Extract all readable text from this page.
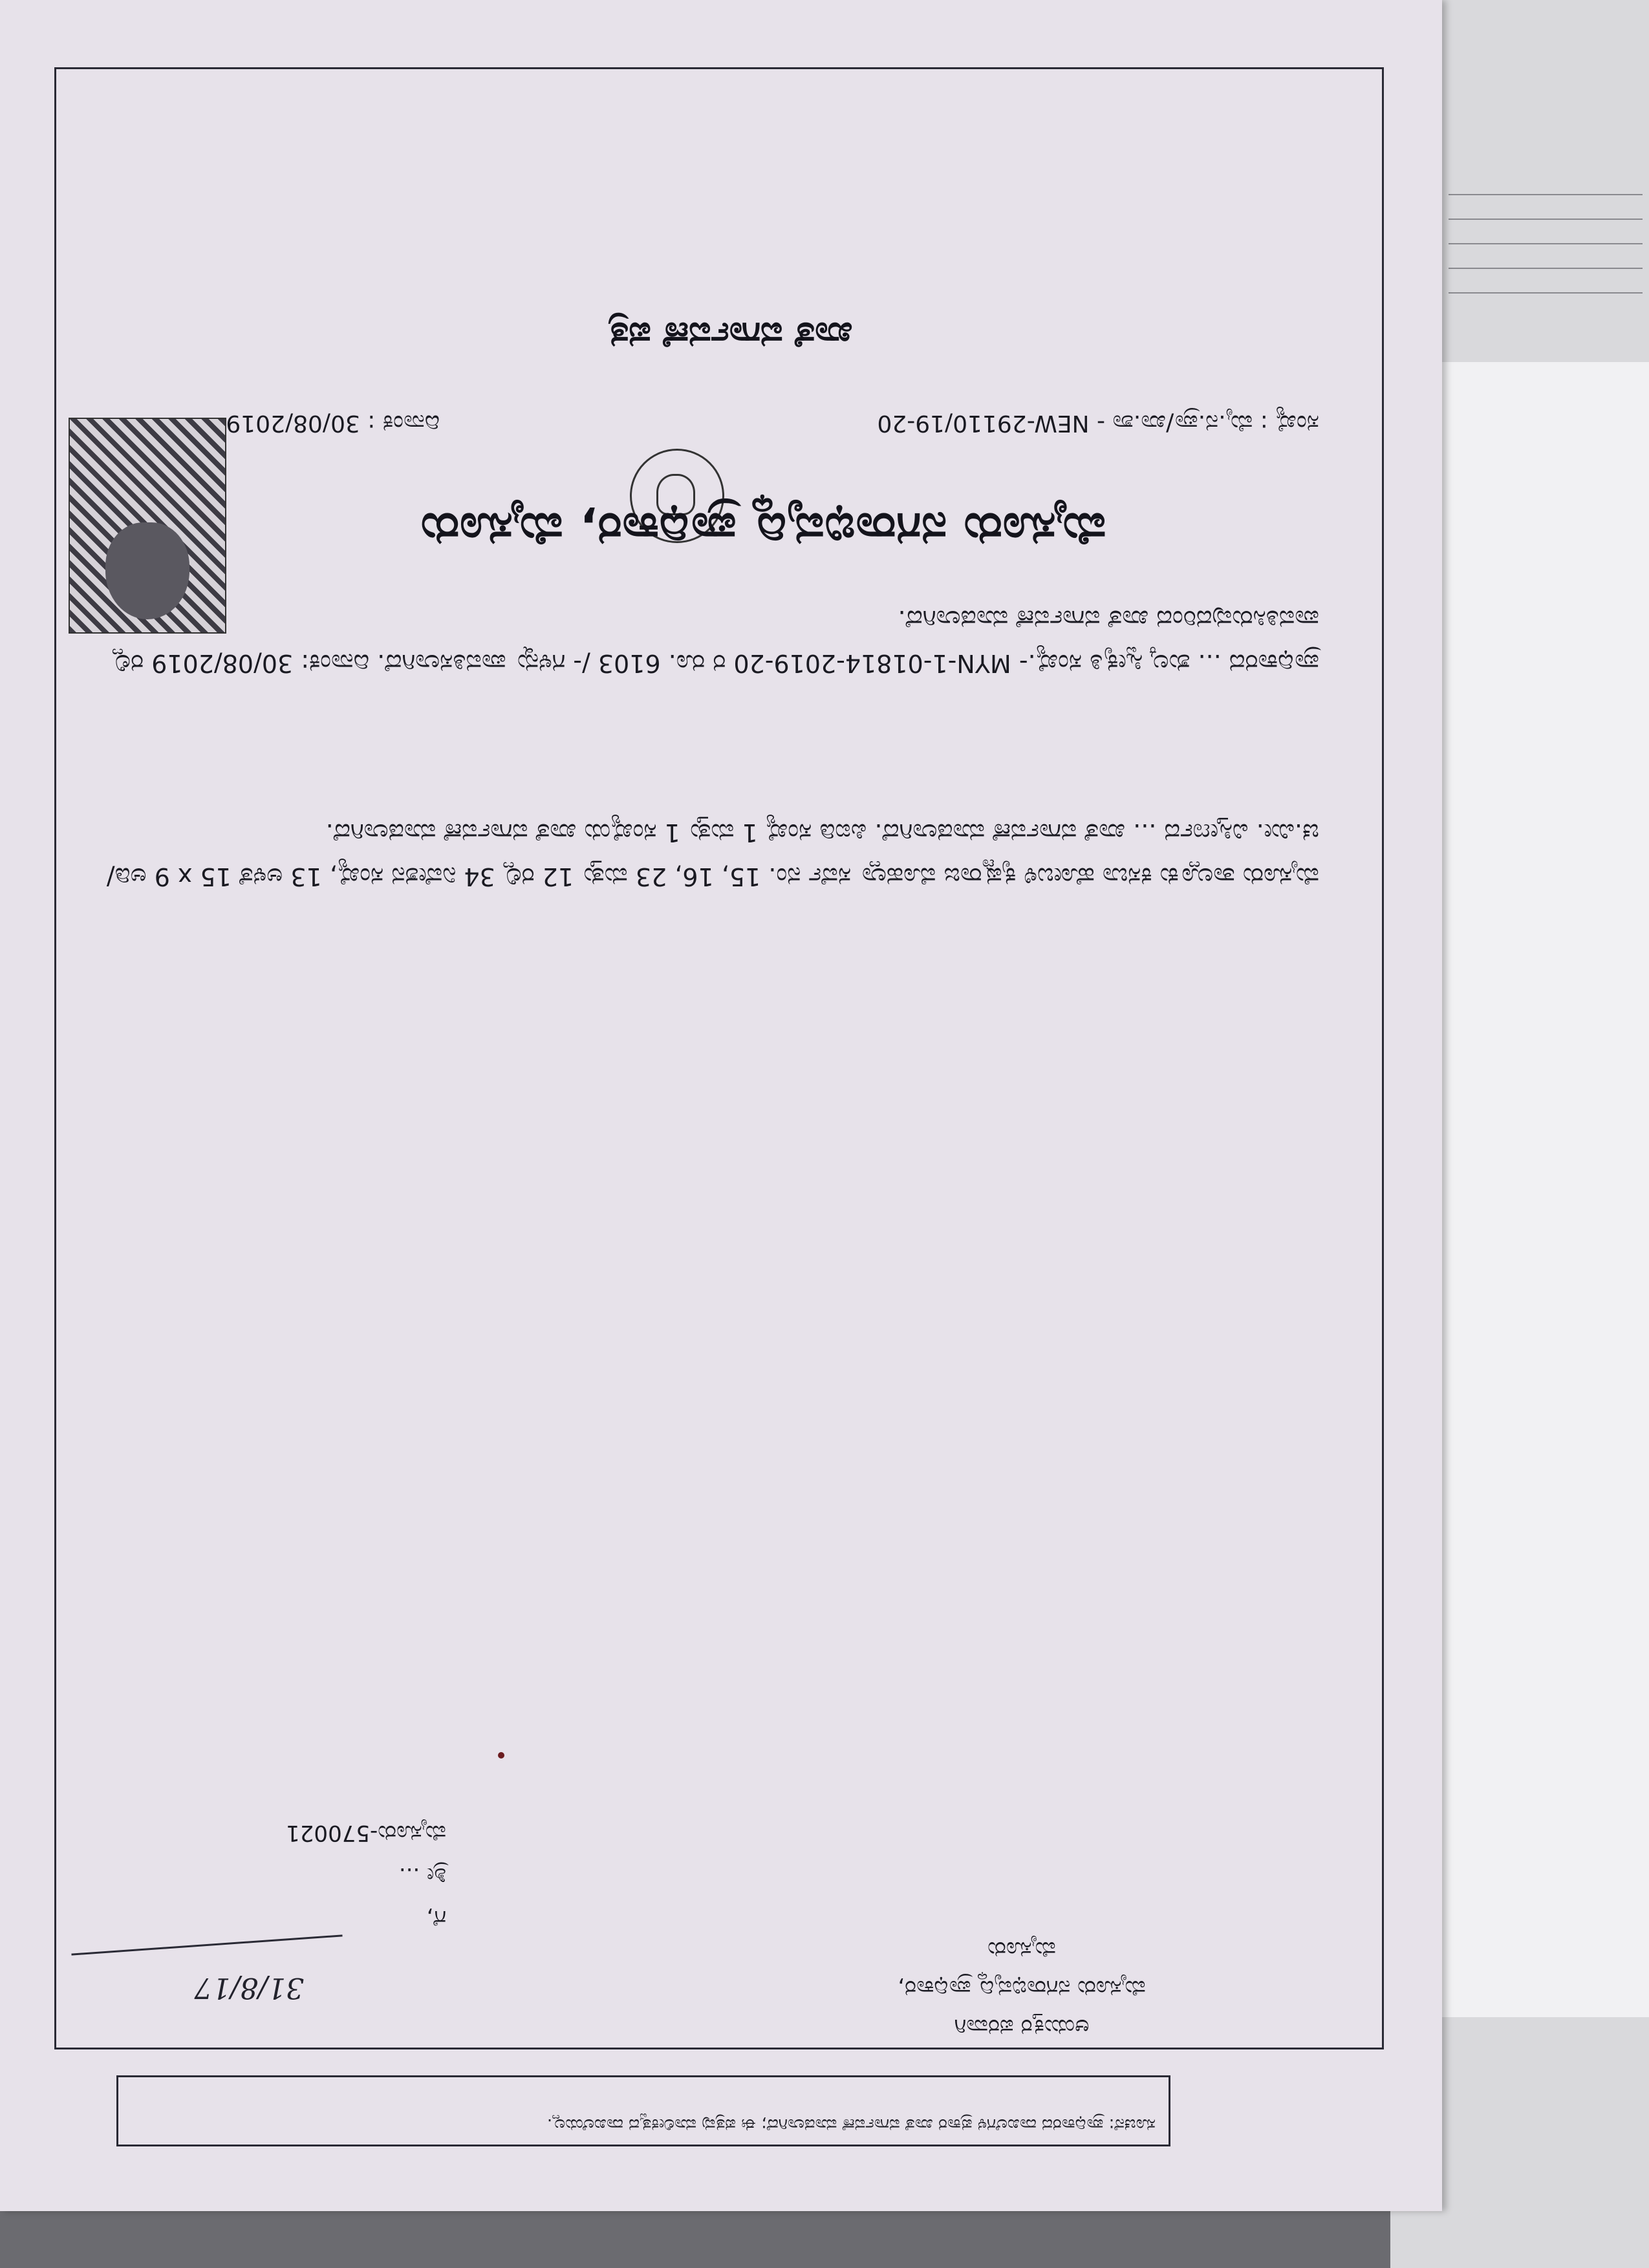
ಮೈಸೂರು ನಗರಾಭಿವೃದ್ಧಿ ಪ್ರಾಧಿಕಾರ, ಮೈಸೂರು
ಸಂಖ್ಯೆ : ಮೈ.ನ.ಪ್ರಾ/ಖಾ.ಶಾ - NEW-29110/19-20
ದಿನಾಂಕ : 30/08/2019
ಖಾತೆ ವರ್ಗಾವಣೆ ಪತ್ರ
ಮೈಸೂರು ತಾಲ್ಲೂಕು ಕಸಬಾ ಹೋಬಳಿ ಕೃಷ್ಣರಾಜ ಮೊಹಲ್ಲಾ ಸರ್ವೆ ನಂ. 15, 16, 23 ಮತ್ತು 12 ರಲ್ಲಿ 34 ನಿವೇಶನ ಸಂಖ್ಯೆ, 13 ಅಳತೆ 15 x 9 ಅಡಿ/ಚ.ಮೀ. ವಿಸ್ತೀರ್ಣದ ... ಖಾತೆ ವರ್ಗಾವಣೆ ಮಾಡಲಾಗಿದೆ. ಪಿಐಡಿ ಸಂಖ್ಯೆ 1 ಮತ್ತು 1 ಸಂಖ್ಯೆಯ ಖಾತೆ ವರ್ಗಾವಣೆ ಮಾಡಲಾಗಿದೆ.
ಪ್ರಾಧಿಕಾರದ ... ಶುಲ್ಕ ಸ್ವೀಕೃತಿ ಸಂಖ್ಯೆ.- MYN-1-01814-2019-20 ರ ರೂ. 6103 /- ಗಳನ್ನು ಪಾವತಿಸಲಾಗಿದೆ. ದಿನಾಂಕ: 30/08/2019 ರಲ್ಲಿ ಪಾವತಿಸಿರುವುದರಿಂದ ಖಾತೆ ವರ್ಗಾವಣೆ ಮಾಡಲಾಗಿದೆ.
31/8/17
ಆಯುಕ್ತರ ಪರವಾಗಿ
ಮೈಸೂರು ನಗರಾಭಿವೃದ್ಧಿ ಪ್ರಾಧಿಕಾರ,
ಮೈಸೂರು
ಗೆ,
ಶ್ರೀ ...
ಮೈಸೂರು-570021
ಸೂಚನೆ: ಪ್ರಾಧಿಕಾರದ ದಾಖಲೆಗಳ ಪ್ರಕಾರ ಖಾತೆ ವರ್ಗಾವಣೆ ಮಾಡಲಾಗಿದೆ; ಈ ಪತ್ರವು ಮಾಲೀಕತ್ವದ ದಾಖಲೆಯಲ್ಲ.
